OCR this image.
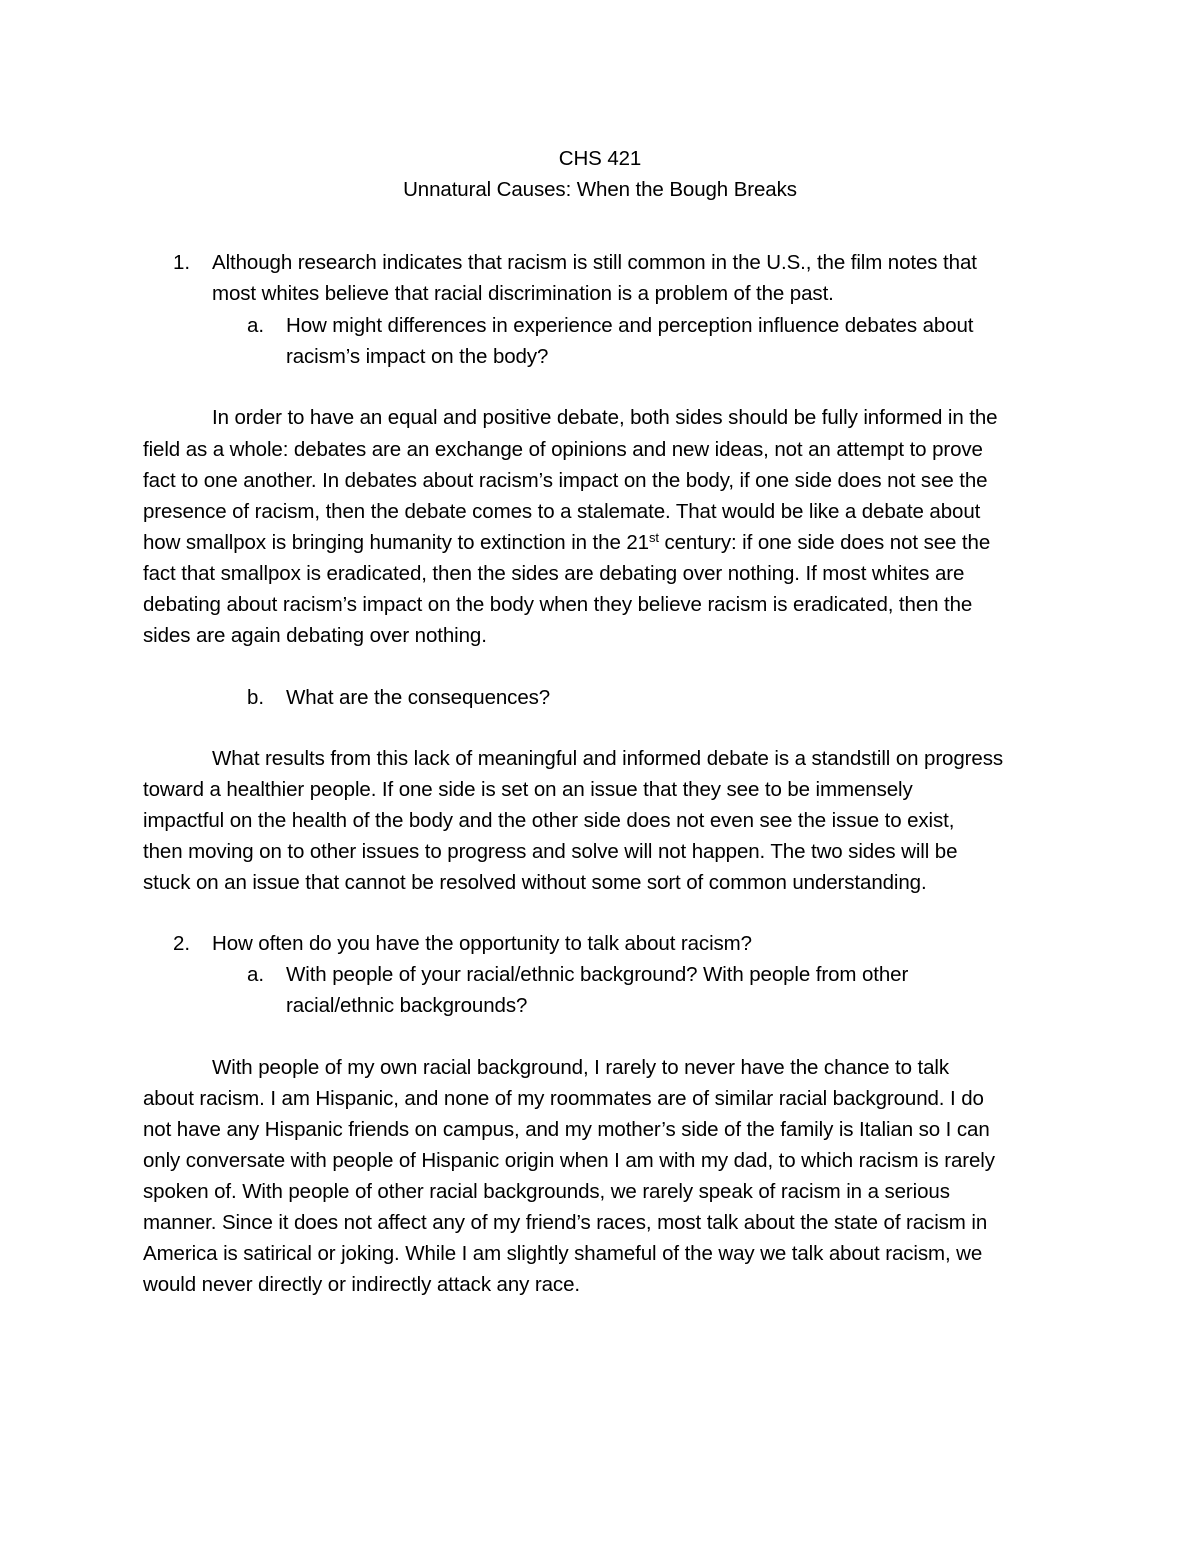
CHS 421
Unnatural Causes: When the Bough Breaks
1. Although research indicates that racism is still common in the U.S., the film notes that
most whites believe that racial discrimination is a problem of the past.
a. How might differences in experience and perception influence debates about
racism’s impact on the body?
In order to have an equal and positive debate, both sides should be fully informed in the
field as a whole: debates are an exchange of opinions and new ideas, not an attempt to prove
fact to one another. In debates about racism’s impact on the body, if one side does not see the
presence of racism, then the debate comes to a stalemate. That would be like a debate about
how smallpox is bringing humanity to extinction in the 21st century: if one side does not see the
fact that smallpox is eradicated, then the sides are debating over nothing. If most whites are
debating about racism’s impact on the body when they believe racism is eradicated, then the
sides are again debating over nothing.
b. What are the consequences?
What results from this lack of meaningful and informed debate is a standstill on progress
toward a healthier people. If one side is set on an issue that they see to be immensely
impactful on the health of the body and the other side does not even see the issue to exist,
then moving on to other issues to progress and solve will not happen. The two sides will be
stuck on an issue that cannot be resolved without some sort of common understanding.
2. How often do you have the opportunity to talk about racism?
a. With people of your racial/ethnic background? With people from other
racial/ethnic backgrounds?
With people of my own racial background, I rarely to never have the chance to talk
about racism. I am Hispanic, and none of my roommates are of similar racial background. I do
not have any Hispanic friends on campus, and my mother’s side of the family is Italian so I can
only conversate with people of Hispanic origin when I am with my dad, to which racism is rarely
spoken of. With people of other racial backgrounds, we rarely speak of racism in a serious
manner. Since it does not affect any of my friend’s races, most talk about the state of racism in
America is satirical or joking. While I am slightly shameful of the way we talk about racism, we
would never directly or indirectly attack any race.
